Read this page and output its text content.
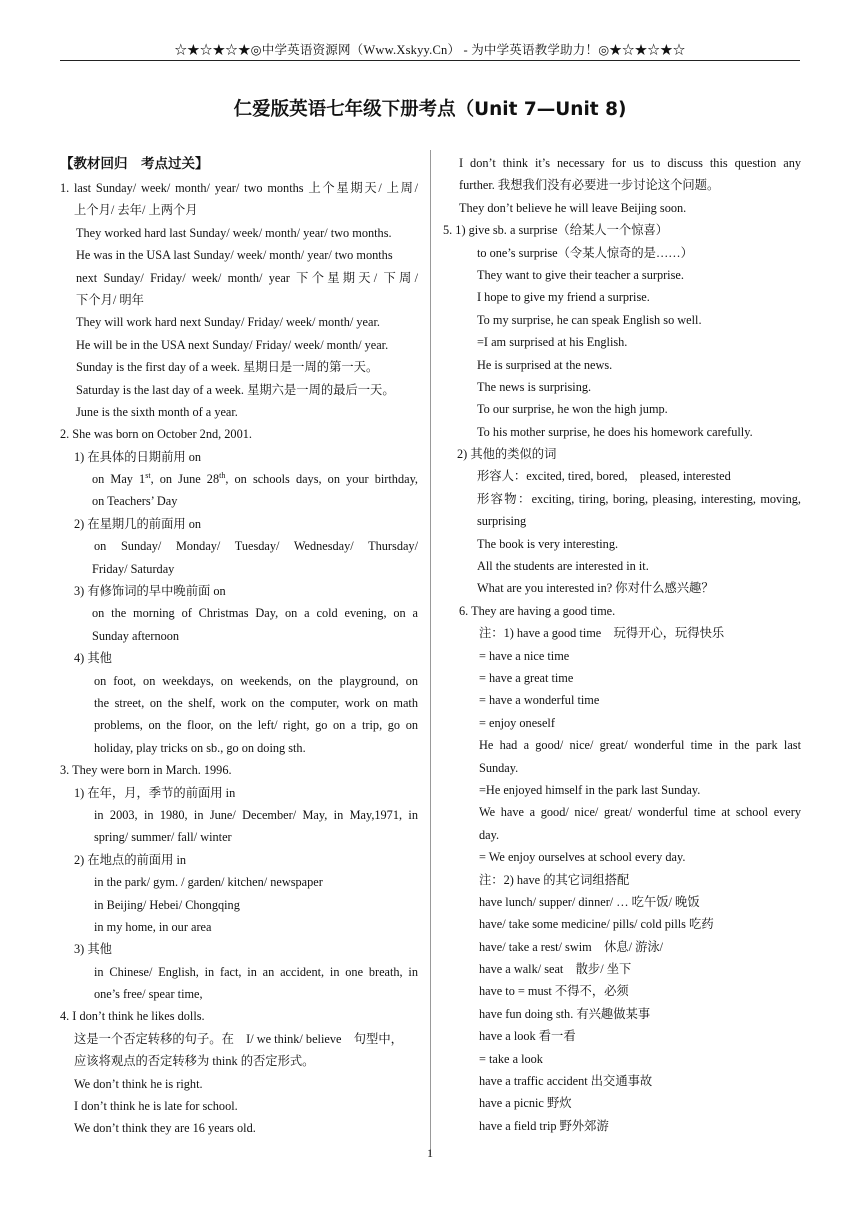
☆★☆★☆★◎中学英语资源网（Www.Xskyy.Cn） - 为中学英语教学助力！◎★☆★☆★☆
仁爱版英语七年级下册考点（Unit 7—Unit 8)
【教材回归　考点过关】
1. last Sunday/ week/ month/ year/ two months 上个星期天/ 上周/
上个月/ 去年/ 上两个月
They worked hard last Sunday/ week/ month/ year/ two months.
He was in the USA last Sunday/ week/ month/ year/ two months
next Sunday/ Friday/ week/ month/ year 下个星期天/ 下周/
下个月/ 明年
They will work hard next Sunday/ Friday/ week/ month/ year.
He will be in the USA next Sunday/ Friday/ week/ month/ year.
Sunday is the first day of a week. 星期日是一周的第一天。
Saturday is the last day of a week. 星期六是一周的最后一天。
June is the sixth month of a year.
2. She was born on October 2nd, 2001.
1) 在具体的日期前用 on
on May 1st, on June 28th, on schools days, on your birthday,
on Teachers’ Day
2) 在星期几的前面用 on
on Sunday/ Monday/ Tuesday/ Wednesday/ Thursday/
Friday/ Saturday
3) 有修饰词的早中晚前面 on
on the morning of Christmas Day, on a cold evening, on a
Sunday afternoon
4) 其他
on foot, on weekdays, on weekends, on the playground, on
the street, on the shelf, work on the computer, work on math
problems, on the floor, on the left/ right, go on a trip, go on
holiday, play tricks on sb., go on doing sth.
3. They were born in March. 1996.
1) 在年，月，季节的前面用 in
in 2003, in 1980, in June/ December/ May, in May,1971, in
spring/ summer/ fall/ winter
2) 在地点的前面用 in
in the park/ gym. / garden/ kitchen/ newspaper
in Beijing/ Hebei/ Chongqing
in my home, in our area
3) 其他
in Chinese/ English, in fact, in an accident, in one breath, in
one’s free/ spear time,
4. I don’t think he likes dolls.
这是一个否定转移的句子。在　I/ we think/ believe　句型中，
应该将观点的否定转移为 think 的否定形式。
We don’t think he is right.
I don’t think he is late for school.
We don’t think they are 16 years old.
I don’t think it’s necessary for us to discuss this question any
further. 我想我们没有必要进一步讨论这个问题。
They don’t believe he will leave Beijing soon.
5. 1) give sb. a surprise（给某人一个惊喜）
to one’s surprise（令某人惊奇的是……）
They want to give their teacher a surprise.
I hope to give my friend a surprise.
To my surprise, he can speak English so well.
=I am surprised at his English.
He is surprised at the news.
The news is surprising.
To our surprise, he won the high jump.
To his mother surprise, he does his homework carefully.
2) 其他的类似的词
形容人：excited, tired, bored,　pleased, interested
形容物：exciting, tiring, boring, pleasing, interesting, moving,
surprising
The book is very interesting.
All the students are interested in it.
What are you interested in? 你对什么感兴趣？
6. They are having a good time.
注：1) have a good time　玩得开心，玩得快乐
= have a nice time
= have a great time
= have a wonderful time
= enjoy oneself
He had a good/ nice/ great/ wonderful time in the park last
Sunday.
=He enjoyed himself in the park last Sunday.
We have a good/ nice/ great/ wonderful time at school every
day.
= We enjoy ourselves at school every day.
注：2) have 的其它词组搭配
have lunch/ supper/ dinner/ … 吃午饭/ 晚饭
have/ take some medicine/ pills/ cold pills 吃药
have/ take a rest/ swim　休息/ 游泳/
have a walk/ seat　散步/ 坐下
have to = must 不得不，必须
have fun doing sth. 有兴趣做某事
have a look 看一看
= take a look
have a traffic accident 出交通事故
have a picnic 野炊
have a field trip 野外郊游
1
